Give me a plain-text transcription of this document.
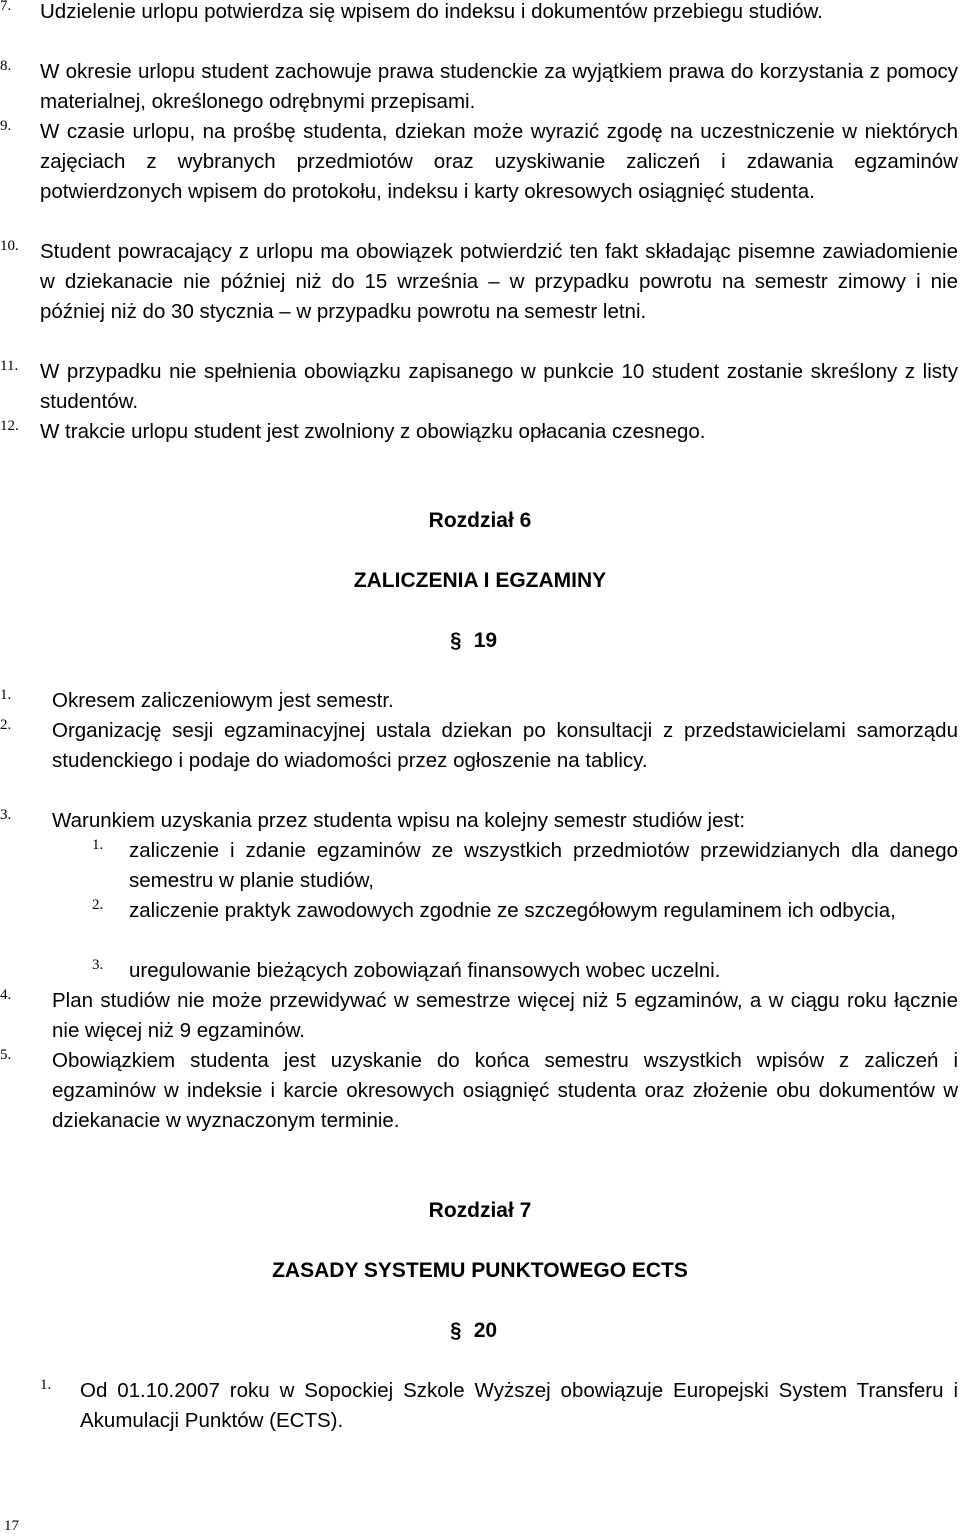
7. Udzielenie urlopu potwierdza się wpisem do indeksu i dokumentów przebiegu studiów.
8. W okresie urlopu student zachowuje prawa studenckie za wyjątkiem prawa do korzystania z pomocy materialnej, określonego odrębnymi przepisami.
9. W czasie urlopu, na prośbę studenta, dziekan może wyrazić zgodę na uczestniczenie w niektórych zajęciach z wybranych przedmiotów oraz uzyskiwanie zaliczeń i zdawania egzaminów potwierdzonych wpisem do protokołu, indeksu i karty okresowych osiągnięć studenta.
10. Student powracający z urlopu ma obowiązek potwierdzić ten fakt składając pisemne zawiadomienie w dziekanacie nie później niż do 15 września – w przypadku powrotu na semestr zimowy i nie później niż do 30 stycznia – w przypadku powrotu na semestr letni.
11. W przypadku nie spełnienia obowiązku zapisanego w punkcie 10 student zostanie skreślony z listy studentów.
12. W trakcie urlopu student jest zwolniony z obowiązku opłacania czesnego.
Rozdział 6
ZALICZENIA I EGZAMINY
§ 19
1. Okresem zaliczeniowym jest semestr.
2. Organizację sesji egzaminacyjnej ustala dziekan po konsultacji z przedstawicielami samorządu studenckiego i podaje do wiadomości przez ogłoszenie na tablicy.
3. Warunkiem uzyskania przez studenta wpisu na kolejny semestr studiów jest:
1. zaliczenie i zdanie egzaminów ze wszystkich przedmiotów przewidzianych dla danego semestru w planie studiów,
2. zaliczenie praktyk zawodowych zgodnie ze szczegółowym regulaminem ich odbycia,
3. uregulowanie bieżących zobowiązań finansowych wobec uczelni.
4. Plan studiów nie może przewidywać w semestrze więcej niż 5 egzaminów, a w ciągu roku łącznie nie więcej niż 9 egzaminów.
5. Obowiązkiem studenta jest uzyskanie do końca semestru wszystkich wpisów z zaliczeń i egzaminów w indeksie i karcie okresowych osiągnięć studenta oraz złożenie obu dokumentów w dziekanacie w wyznaczonym terminie.
Rozdział 7
ZASADY SYSTEMU PUNKTOWEGO ECTS
§ 20
1. Od 01.10.2007 roku w Sopockiej Szkole Wyższej obowiązuje Europejski System Transferu i Akumulacji Punktów (ECTS).
17
